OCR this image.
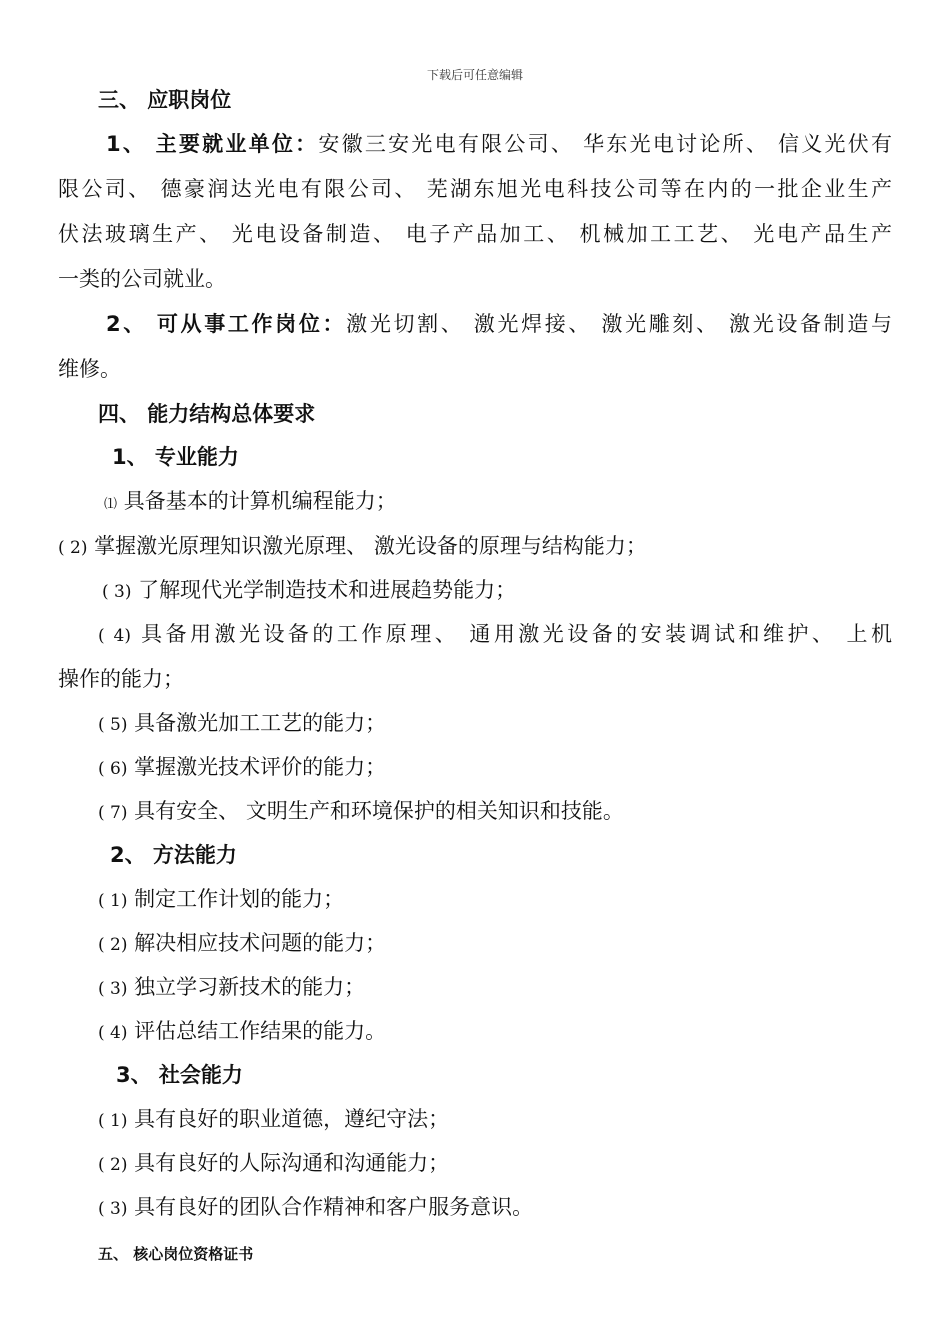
下载后可任意编辑
三、 应职岗位
1、 主要就业单位：安徽三安光电有限公司、 华东光电讨论所、 信义光伏有
限公司、 德豪润达光电有限公司、 芜湖东旭光电科技公司等在内的一批企业生产
伏法玻璃生产、 光电设备制造、 电子产品加工、 机械加工工艺、 光电产品生产
一类的公司就业。
2、 可从事工作岗位：激光切割、 激光焊接、 激光雕刻、 激光设备制造与
维修。
四、 能力结构总体要求
1、 专业能力
⑴ 具备基本的计算机编程能力；
( 2) 掌握激光原理知识激光原理、 激光设备的原理与结构能力；
( 3) 了解现代光学制造技术和进展趋势能力；
( 4) 具备用激光设备的工作原理、 通用激光设备的安装调试和维护、 上机
操作的能力；
( 5) 具备激光加工工艺的能力；
( 6) 掌握激光技术评价的能力；
( 7) 具有安全、 文明生产和环境保护的相关知识和技能。
2、 方法能力
( 1) 制定工作计划的能力；
( 2) 解决相应技术问题的能力；
( 3) 独立学习新技术的能力；
( 4) 评估总结工作结果的能力。
3、 社会能力
( 1) 具有良好的职业道德，遵纪守法；
( 2) 具有良好的人际沟通和沟通能力；
( 3) 具有良好的团队合作精神和客户服务意识。
五、 核心岗位资格证书
